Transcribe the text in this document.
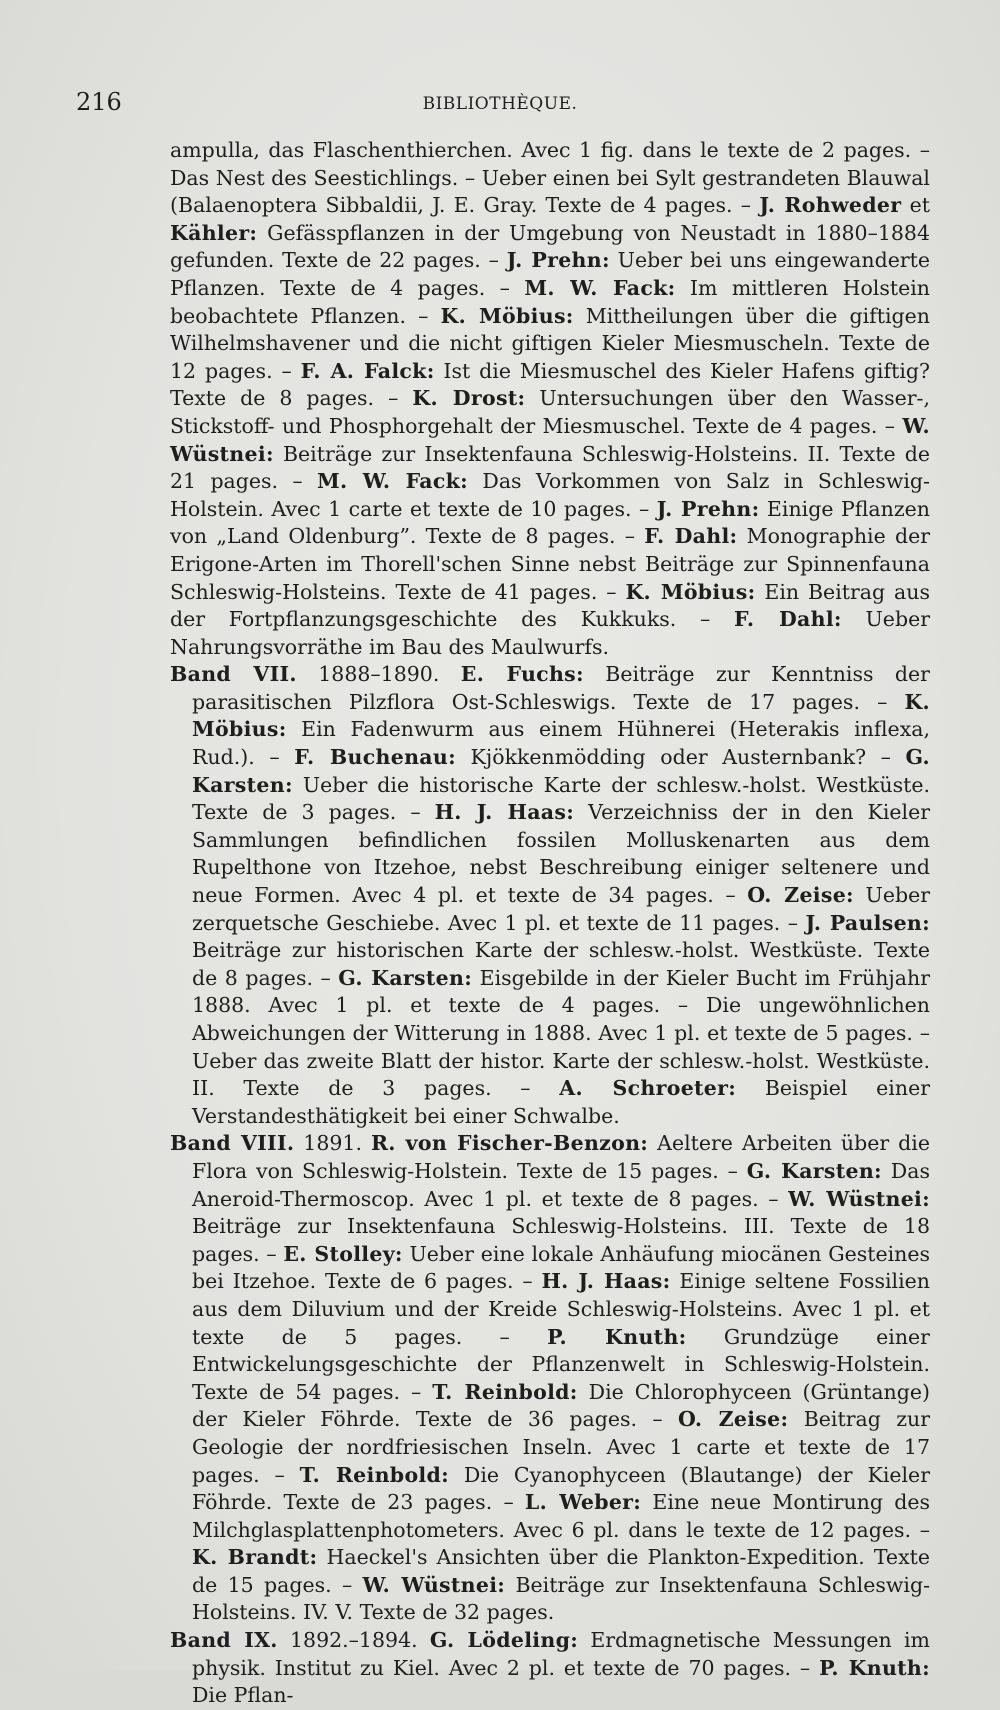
216	BIBLIOTHÈQUE.

ampulla, das Flaschenthierchen. Avec 1 fig. dans le texte de 2 pages. – Das Nest des Seestichlings. – Ueber einen bei Sylt gestrandeten Blauwal (Balaenoptera Sibbaldii, J. E. Gray. Texte de 4 pages. – J. Rohweder et Kähler: Gefässpflanzen in der Umgebung von Neustadt in 1880–1884 gefunden. Texte de 22 pages. – J. Prehn: Ueber bei uns eingewanderte Pflanzen. Texte de 4 pages. – M. W. Fack: Im mittleren Holstein beobachtete Pflanzen. – K. Möbius: Mittheilungen über die giftigen Wilhelmshavener und die nicht giftigen Kieler Miesmuscheln. Texte de 12 pages. – F. A. Falck: Ist die Miesmuschel des Kieler Hafens giftig? Texte de 8 pages. – K. Drost: Untersuchungen über den Wasser-, Stickstoff- und Phosphorgehalt der Miesmuschel. Texte de 4 pages. – W. Wüstnei: Beiträge zur Insektenfauna Schleswig-Holsteins. II. Texte de 21 pages. – M. W. Fack: Das Vorkommen von Salz in Schleswig-Holstein. Avec 1 carte et texte de 10 pages. – J. Prehn: Einige Pflanzen von „Land Oldenburg”. Texte de 8 pages. – F. Dahl: Monographie der Erigone-Arten im Thorell'schen Sinne nebst Beiträge zur Spinnenfauna Schleswig-Holsteins. Texte de 41 pages. – K. Möbius: Ein Beitrag aus der Fortpflanzungsgeschichte des Kukkuks. – F. Dahl: Ueber Nahrungsvorräthe im Bau des Maulwurfs.

Band VII. 1888–1890. E. Fuchs: Beiträge zur Kenntniss der parasitischen Pilzflora Ost-Schleswigs. Texte de 17 pages. – K. Möbius: Ein Fadenwurm aus einem Hühnerei (Heterakis inflexa, Rud.). – F. Buchenau: Kjökkenmödding oder Austernbank? – G. Karsten: Ueber die historische Karte der schlesw.-holst. Westküste. Texte de 3 pages. – H. J. Haas: Verzeichniss der in den Kieler Sammlungen befindlichen fossilen Molluskenarten aus dem Rupelthone von Itzehoe, nebst Beschreibung einiger seltenere und neue Formen. Avec 4 pl. et texte de 34 pages. – O. Zeise: Ueber zerquetsche Geschiebe. Avec 1 pl. et texte de 11 pages. – J. Paulsen: Beiträge zur historischen Karte der schlesw.-holst. Westküste. Texte de 8 pages. – G. Karsten: Eisgebilde in der Kieler Bucht im Frühjahr 1888. Avec 1 pl. et texte de 4 pages. – Die ungewöhnlichen Abweichungen der Witterung in 1888. Avec 1 pl. et texte de 5 pages. – Ueber das zweite Blatt der histor. Karte der schlesw.-holst. Westküste. II. Texte de 3 pages. – A. Schroeter: Beispiel einer Verstandesthätigkeit bei einer Schwalbe.

Band VIII. 1891. R. von Fischer-Benzon: Aeltere Arbeiten über die Flora von Schleswig-Holstein. Texte de 15 pages. – G. Karsten: Das Aneroid-Thermoscop. Avec 1 pl. et texte de 8 pages. – W. Wüstnei: Beiträge zur Insektenfauna Schleswig-Holsteins. III. Texte de 18 pages. – E. Stolley: Ueber eine lokale Anhäufung miocänen Gesteines bei Itzehoe. Texte de 6 pages. – H. J. Haas: Einige seltene Fossilien aus dem Diluvium und der Kreide Schleswig-Holsteins. Avec 1 pl. et texte de 5 pages. – P. Knuth: Grundzüge einer Entwickelungsgeschichte der Pflanzenwelt in Schleswig-Holstein. Texte de 54 pages. – T. Reinbold: Die Chlorophyceen (Grüntange) der Kieler Föhrde. Texte de 36 pages. – O. Zeise: Beitrag zur Geologie der nordfriesischen Inseln. Avec 1 carte et texte de 17 pages. – T. Reinbold: Die Cyanophyceen (Blautange) der Kieler Föhrde. Texte de 23 pages. – L. Weber: Eine neue Montirung des Milchglasplattenphotometers. Avec 6 pl. dans le texte de 12 pages. – K. Brandt: Haeckel's Ansichten über die Plankton-Expedition. Texte de 15 pages. – W. Wüstnei: Beiträge zur Insektenfauna Schleswig-Holsteins. IV. V. Texte de 32 pages.

Band IX. 1892.–1894. G. Lödeling: Erdmagnetische Messungen im physik. Institut zu Kiel. Avec 2 pl. et texte de 70 pages. – P. Knuth: Die Pflan-
